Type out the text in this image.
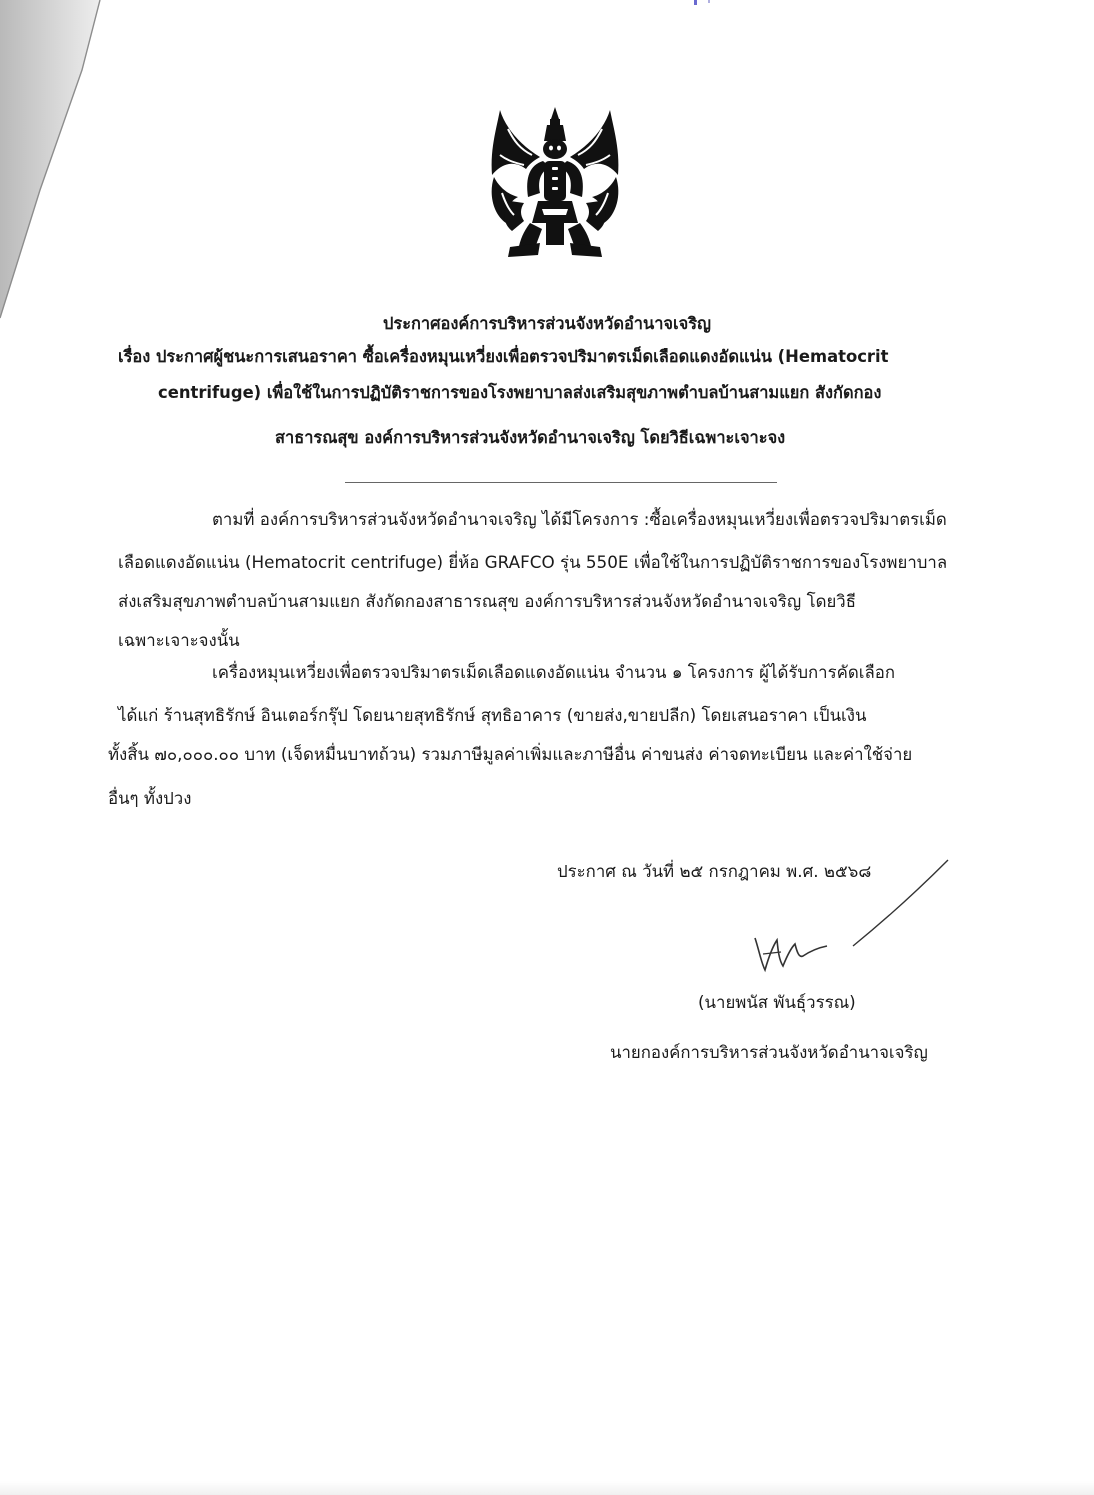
ประกาศองค์การบริหารส่วนจังหวัดอำนาจเจริญ
เรื่อง ประกาศผู้ชนะการเสนอราคา ซื้อเครื่องหมุนเหวี่ยงเพื่อตรวจปริมาตรเม็ดเลือดแดงอัดแน่น (Hematocrit
centrifuge) เพื่อใช้ในการปฏิบัติราชการของโรงพยาบาลส่งเสริมสุขภาพตำบลบ้านสามแยก สังกัดกอง
สาธารณสุข องค์การบริหารส่วนจังหวัดอำนาจเจริญ โดยวิธีเฉพาะเจาะจง
ตามที่ องค์การบริหารส่วนจังหวัดอำนาจเจริญ ได้มีโครงการ :ซื้อเครื่องหมุนเหวี่ยงเพื่อตรวจปริมาตรเม็ด
เลือดแดงอัดแน่น (Hematocrit centrifuge) ยี่ห้อ GRAFCO รุ่น 550E เพื่อใช้ในการปฏิบัติราชการของโรงพยาบาล
ส่งเสริมสุขภาพตำบลบ้านสามแยก สังกัดกองสาธารณสุข องค์การบริหารส่วนจังหวัดอำนาจเจริญ โดยวิธี
เฉพาะเจาะจงนั้น
เครื่องหมุนเหวี่ยงเพื่อตรวจปริมาตรเม็ดเลือดแดงอัดแน่น จำนวน ๑ โครงการ ผู้ได้รับการคัดเลือก
ได้แก่ ร้านสุทธิรักษ์ อินเตอร์กรุ๊ป โดยนายสุทธิรักษ์ สุทธิอาคาร (ขายส่ง,ขายปลีก) โดยเสนอราคา เป็นเงิน
ทั้งสิ้น ๗๐,๐๐๐.๐๐ บาท (เจ็ดหมื่นบาทถ้วน) รวมภาษีมูลค่าเพิ่มและภาษีอื่น ค่าขนส่ง ค่าจดทะเบียน และค่าใช้จ่าย
อื่นๆ ทั้งปวง
ประกาศ ณ วันที่ ๒๕ กรกฎาคม พ.ศ. ๒๕๖๘
(นายพนัส พันธุ์วรรณ)
นายกองค์การบริหารส่วนจังหวัดอำนาจเจริญ
